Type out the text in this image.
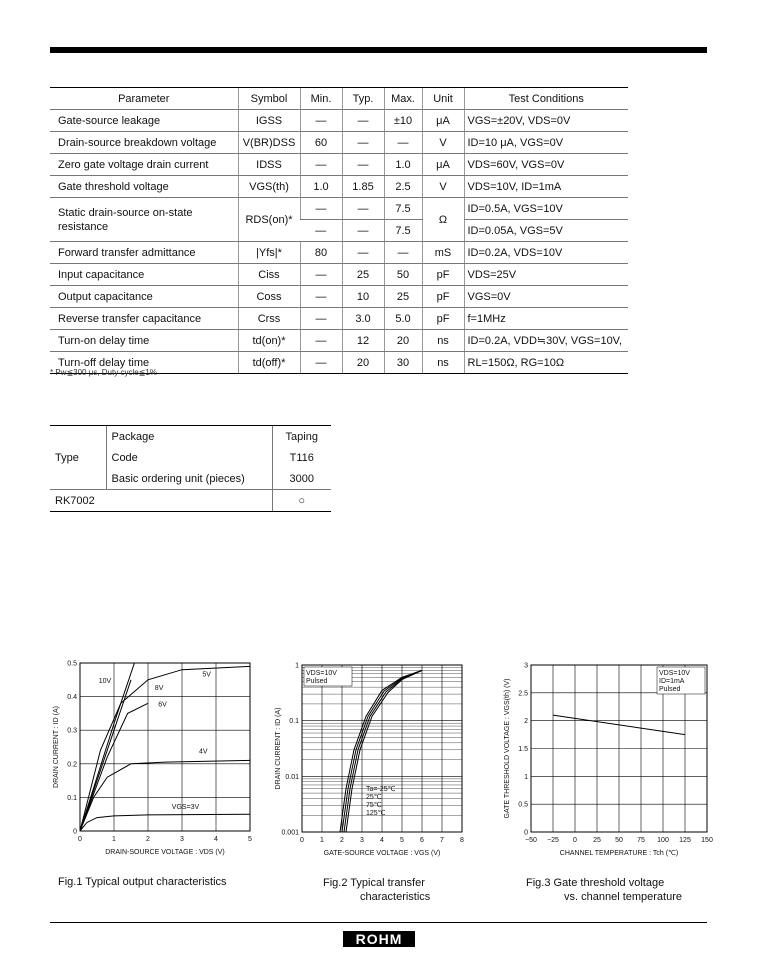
Parameter	Symbol	Min.	Typ.	Max.	Unit	Test Conditions
Gate-source leakage	IGSS	—	—	±10	μA	VGS=±20V, VDS=0V
Drain-source breakdown voltage	V(BR)DSS	60	—	—	V	ID=10 μA, VGS=0V
Zero gate voltage drain current	IDSS	—	—	1.0	μA	VDS=60V, VGS=0V
Gate threshold voltage	VGS(th)	1.0	1.85	2.5	V	VDS=10V, ID=1mA
Static drain-source on-state resistance	RDS(on)*	—	—	7.5	Ω	ID=0.5A, VGS=10V
		—	—	7.5		ID=0.05A, VGS=5V
Forward transfer admittance	|Yfs|*	80	—	—	mS	ID=0.2A, VDS=10V
Input capacitance	Ciss	—	25	50	pF	VDS=25V
Output capacitance	Coss	—	10	25	pF	VGS=0V
Reverse transfer capacitance	Crss	—	3.0	5.0	pF	f=1MHz
Turn-on delay time	td(on)*	—	12	20	ns	ID=0.2A, VDD≒30V, VGS=10V,
Turn-off delay time	td(off)*	—	20	30	ns	RL=150Ω, RG=10Ω
* Pw≦300 μs, Duty cycle≦1%
Type	Package	Taping
	Code	T116
	Basic ordering unit (pieces)	3000
RK7002		○
0	1	2	3	4	5
0
0.1
0.2
0.3
0.4
0.5
DRAIN-SOURCE VOLTAGE : VDS (V)
DRAIN CURRENT : ID (A)
10V
8V
6V
5V
4V
VGS=3V
0 1 2 3 4 5 6 7 8
0.001
0.01
0.1
1
GATE-SOURCE VOLTAGE : VGS (V)
DRAIN CURRENT : ID (A)
VDS=10V
Pulsed
Ta=-25℃
25℃
75℃
125℃
−50 −25 0 25 50 75 100 125 150
0
0.5
1
1.5
2
2.5
3
CHANNEL TEMPERATURE : Tch (℃)
GATE THRESHOLD VOLTAGE : VGS(th) (V)
VDS=10V
ID=1mA
Pulsed
Fig.1 Typical output characteristics	Fig.2 Typical transfer
characteristics
Fig.3 Gate threshold voltage
vs. channel temperature
ROHM
